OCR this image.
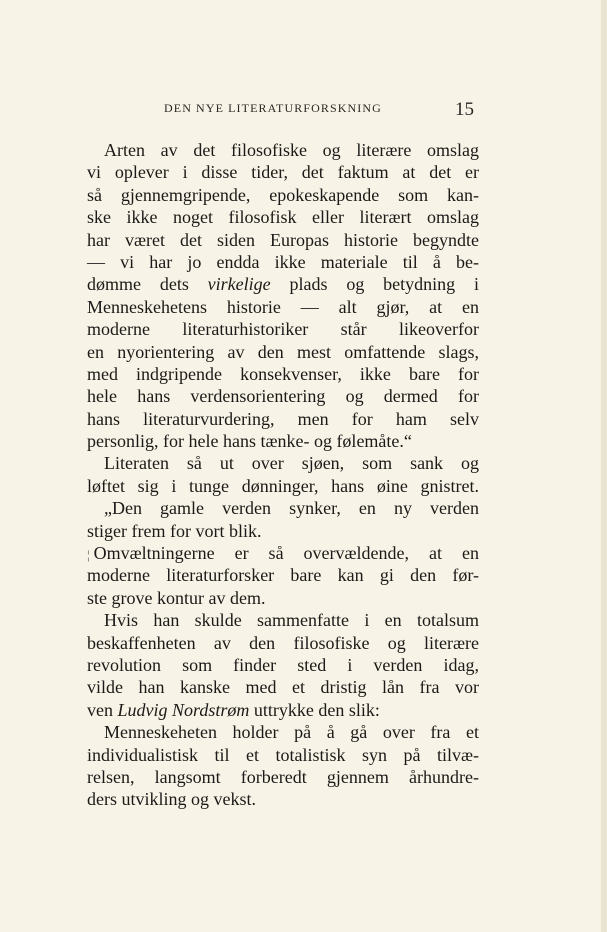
DEN NYE LITERATURFORSKNING	15
Arten av det filosofiske og literære omslag
vi oplever i disse tider, det faktum at det er
så gjennemgripende, epokeskapende som kan-
ske ikke noget filosofisk eller literært omslag
har været det siden Europas historie begyndte
— vi har jo endda ikke materiale til å be-
dømme dets virkelige plads og betydning i
Menneskehetens historie — alt gjør, at en
moderne literaturhistoriker står likeoverfor
en nyorientering av den mest omfattende slags,
med indgripende konsekvenser, ikke bare for
hele hans verdensorientering og dermed for
hans literaturvurdering, men for ham selv
personlig, for hele hans tænke- og følemåte.“
Literaten så ut over sjøen, som sank og
løftet sig i tunge dønninger, hans øine gnistret.
„Den gamle verden synker, en ny verden
stiger frem for vort blik.
¦ Omvæltningerne er så overvældende, at en
moderne literaturforsker bare kan gi den før-
ste grove kontur av dem.
Hvis han skulde sammenfatte i en totalsum
beskaffenheten av den filosofiske og literære
revolution som finder sted i verden idag,
vilde han kanske med et dristig lån fra vor
ven Ludvig Nordstrøm uttrykke den slik:
Menneskeheten holder på å gå over fra et
individualistisk til et totalistisk syn på tilvæ-
relsen, langsomt forberedt gjennem århundre-
ders utvikling og vekst.
